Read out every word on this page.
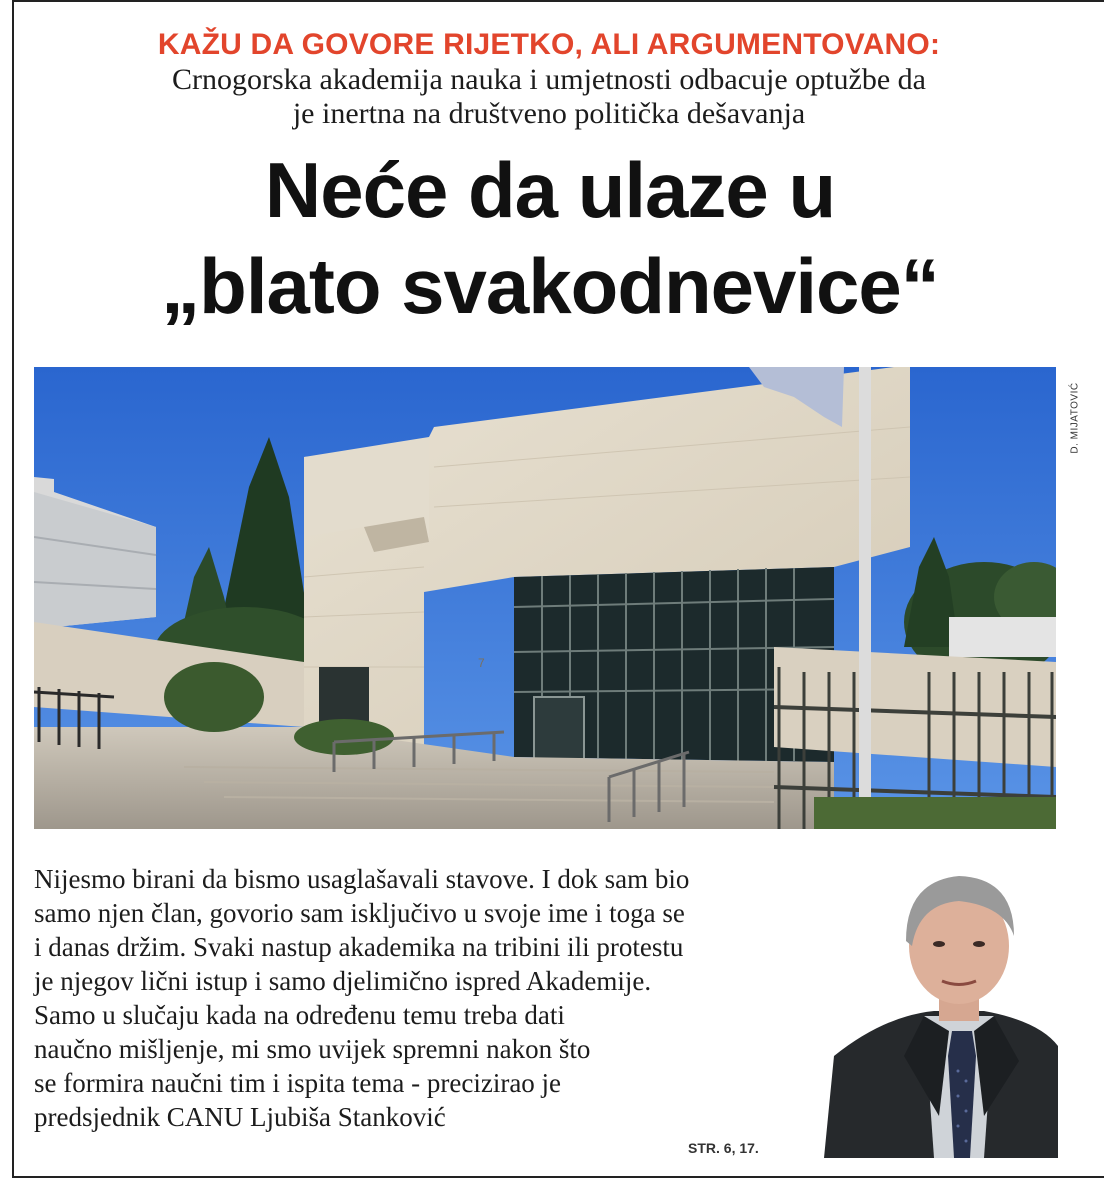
KAŽU DA GOVORE RIJETKO, ALI ARGUMENTOVANO:
Crnogorska akademija nauka i umjetnosti odbacuje optužbe da
je inertna na društveno politička dešavanja
Neće da ulaze u
„blato svakodnevice“
7
D. MIJATOVIĆ
Nijesmo birani da bismo usaglašavali stavove. I dok sam bio
samo njen član, govorio sam isključivo u svoje ime i toga se
i danas držim. Svaki nastup akademika na tribini ili protestu
je njegov lični istup i samo djelimično ispred Akademije.
Samo u slučaju kada na određenu temu treba dati
naučno mišljenje, mi smo uvijek spremni nakon što
se formira naučni tim i ispita tema - precizirao je
predsjednik CANU Ljubiša Stanković
STR. 6, 17.
